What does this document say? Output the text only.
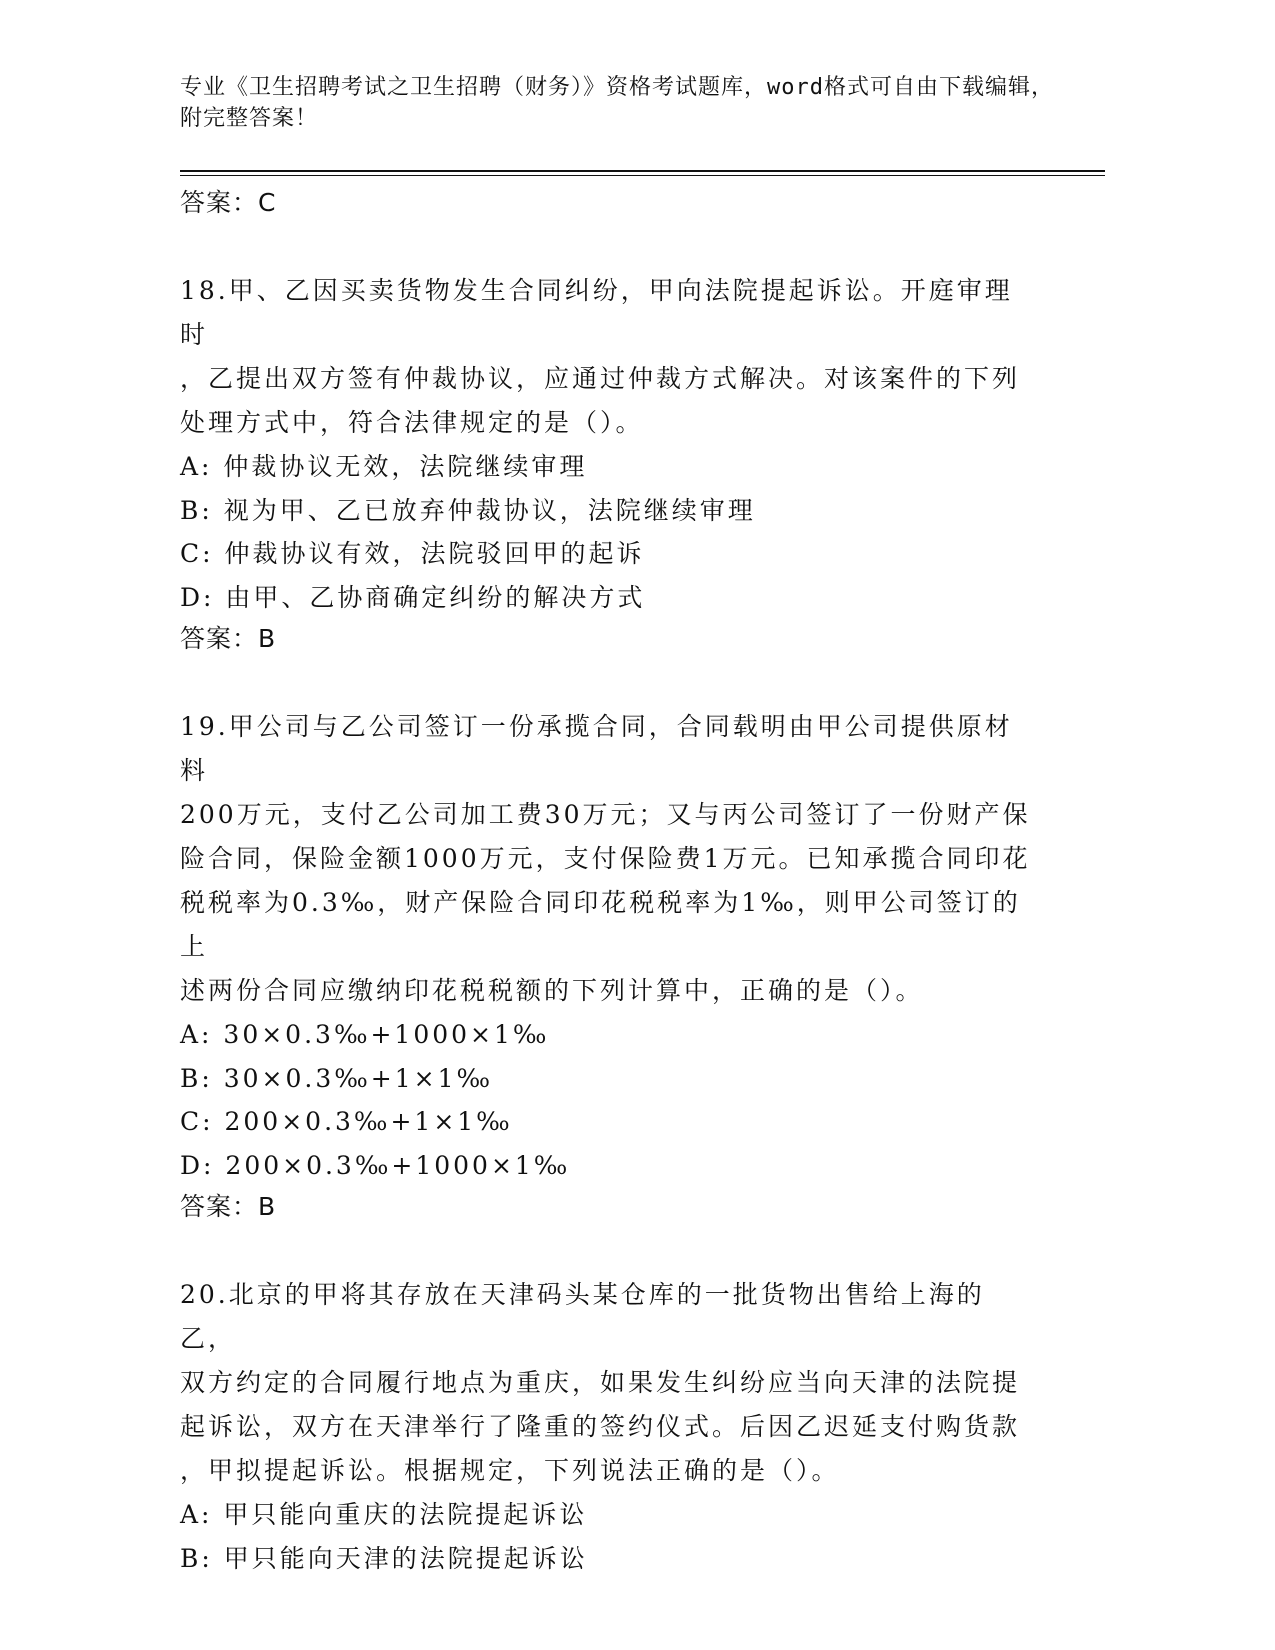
专业《卫生招聘考试之卫生招聘（财务）》资格考试题库，word格式可自由下载编辑，附完整答案！

答案：C

18.甲、乙因买卖货物发生合同纠纷，甲向法院提起诉讼。开庭审理时
，乙提出双方签有仲裁协议，应通过仲裁方式解决。对该案件的下列
处理方式中，符合法律规定的是（）。

A: 仲裁协议无效，法院继续审理

B: 视为甲、乙已放弃仲裁协议，法院继续审理

C: 仲裁协议有效，法院驳回甲的起诉

D: 由甲、乙协商确定纠纷的解决方式

答案：B

19.甲公司与乙公司签订一份承揽合同，合同载明由甲公司提供原材料
200万元，支付乙公司加工费30万元；又与丙公司签订了一份财产保
险合同，保险金额1000万元，支付保险费1万元。已知承揽合同印花
税税率为0.3‰，财产保险合同印花税税率为1‰，则甲公司签订的上
述两份合同应缴纳印花税税额的下列计算中，正确的是（）。

A: 30×0.3‰+1000×1‰

B: 30×0.3‰+1×1‰

C: 200×0.3‰+1×1‰

D: 200×0.3‰+1000×1‰

答案：B

20.北京的甲将其存放在天津码头某仓库的一批货物出售给上海的乙，
双方约定的合同履行地点为重庆，如果发生纠纷应当向天津的法院提
起诉讼，双方在天津举行了隆重的签约仪式。后因乙迟延支付购货款
，甲拟提起诉讼。根据规定，下列说法正确的是（）。

A: 甲只能向重庆的法院提起诉讼

B: 甲只能向天津的法院提起诉讼
